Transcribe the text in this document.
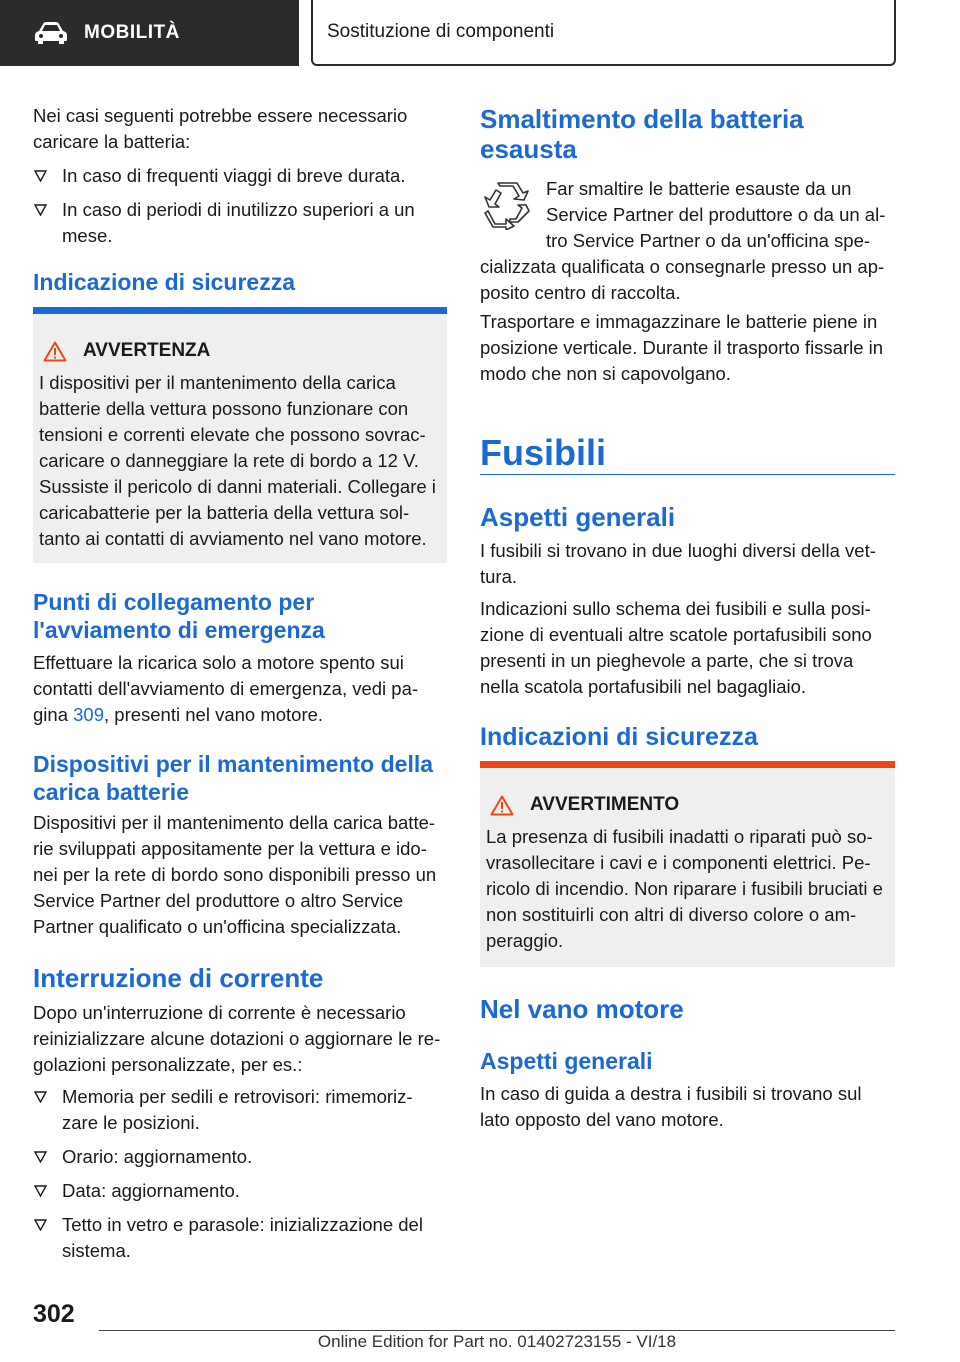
MOBILITÀ	Sostituzione di componenti

Nei casi seguenti potrebbe essere necessario caricare la batteria:

In caso di frequenti viaggi di breve durata.
In caso di periodi di inutilizzo superiori a un mese.
Indicazione di sicurezza
AVVERTENZA

I dispositivi per il mantenimento della carica batterie della vettura possono funzionare con tensioni e correnti elevate che possono sovrac-caricare o danneggiare la rete di bordo a 12 V. Sussiste il pericolo di danni materiali. Collegare i caricabatterie per la batteria della vettura sol-tanto ai contatti di avviamento nel vano motore.

Punti di collegamento per l'avviamento di emergenza

Effettuare la ricarica solo a motore spento sui contatti dell'avviamento di emergenza, vedi pa-gina 309, presenti nel vano motore.

Dispositivi per il mantenimento della carica batterie

Dispositivi per il mantenimento della carica batte-rie sviluppati appositamente per la vettura e ido-nei per la rete di bordo sono disponibili presso un Service Partner del produttore o altro Service Partner qualificato o un'officina specializzata.

Interruzione di corrente

Dopo un'interruzione di corrente è necessario reinizializzare alcune dotazioni o aggiornare le re-golazioni personalizzate, per es.:

Memoria per sedili e retrovisori: rimemoriz-zare le posizioni.
Orario: aggiornamento.
Data: aggiornamento.
Tetto in vetro e parasole: inizializzazione del sistema.
Smaltimento della batteria esausta

Far smaltire le batterie esauste da un Service Partner del produttore o da un al-tro Service Partner o da un'officina spe-cializzata qualificata o consegnarle presso un ap-posito centro di raccolta.

Trasportare e immagazzinare le batterie piene in posizione verticale. Durante il trasporto fissarle in modo che non si capovolgano.

Fusibili
Aspetti generali

I fusibili si trovano in due luoghi diversi della vet-tura.

Indicazioni sullo schema dei fusibili e sulla posi-zione di eventuali altre scatole portafusibili sono presenti in un pieghevole a parte, che si trova nella scatola portafusibili nel bagagliaio.

Indicazioni di sicurezza
AVVERTIMENTO

La presenza di fusibili inadatti o riparati può so-vrasollecitare i cavi e i componenti elettrici. Pe-ricolo di incendio. Non riparare i fusibili bruciati e non sostituirli con altri di diverso colore o am-peraggio.

Nel vano motore
Aspetti generali

In caso di guida a destra i fusibili si trovano sul lato opposto del vano motore.

302
Online Edition for Part no. 01402723155 - VI/18
